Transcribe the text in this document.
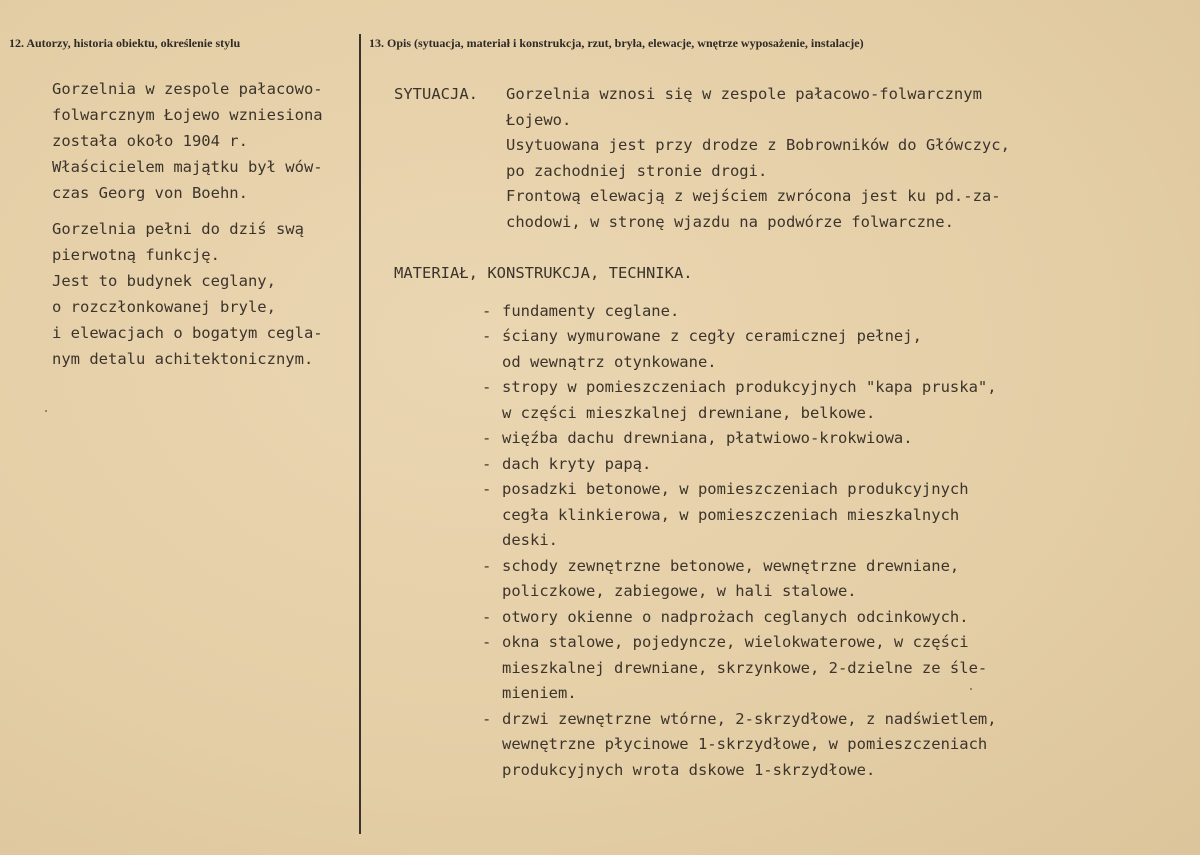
12. Autorzy, historia obiektu, określenie stylu	13. Opis (sytuacja, materiał i konstrukcja, rzut, bryła, elewacje, wnętrze wyposażenie, instalacje)

Gorzelnia w zespole pałacowo-
folwarcznym Łojewo wzniesiona
została około 1904 r.
Właścicielem majątku był wów-
czas Georg von Boehn.

Gorzelnia pełni do dziś swą
pierwotną funkcję.
Jest to budynek ceglany,
o rozczłonkowanej bryle,
i elewacjach o bogatym cegla-
nym detalu achitektonicznym.

SYTUACJA. Gorzelnia wznosi się w zespole pałacowo-folwarcznym
Łojewo.
Usytuowana jest przy drodze z Bobrowników do Główczyc,
po zachodniej stronie drogi.
Frontową elewacją z wejściem zwrócona jest ku pd.-za-
chodowi, w stronę wjazdu na podwórze folwarczne.
MATERIAŁ, KONSTRUKCJA, TECHNIKA.
- fundamenty ceglane.
- ściany wymurowane z cegły ceramicznej pełnej,
od wewnątrz otynkowane.
- stropy w pomieszczeniach produkcyjnych "kapa pruska",
w części mieszkalnej drewniane, belkowe.
- więźba dachu drewniana, płatwiowo-krokwiowa.
- dach kryty papą.
- posadzki betonowe, w pomieszczeniach produkcyjnych
cegła klinkierowa, w pomieszczeniach mieszkalnych
deski.
- schody zewnętrzne betonowe, wewnętrzne drewniane,
policzkowe, zabiegowe, w hali stalowe.
- otwory okienne o nadprożach ceglanych odcinkowych.
- okna stalowe, pojedyncze, wielokwaterowe, w części
mieszkalnej drewniane, skrzynkowe, 2-dzielne ze śle-
mieniem.
- drzwi zewnętrzne wtórne, 2-skrzydłowe, z nadświetlem,
wewnętrzne płycinowe 1-skrzydłowe, w pomieszczeniach
produkcyjnych wrota dskowe 1-skrzydłowe.
